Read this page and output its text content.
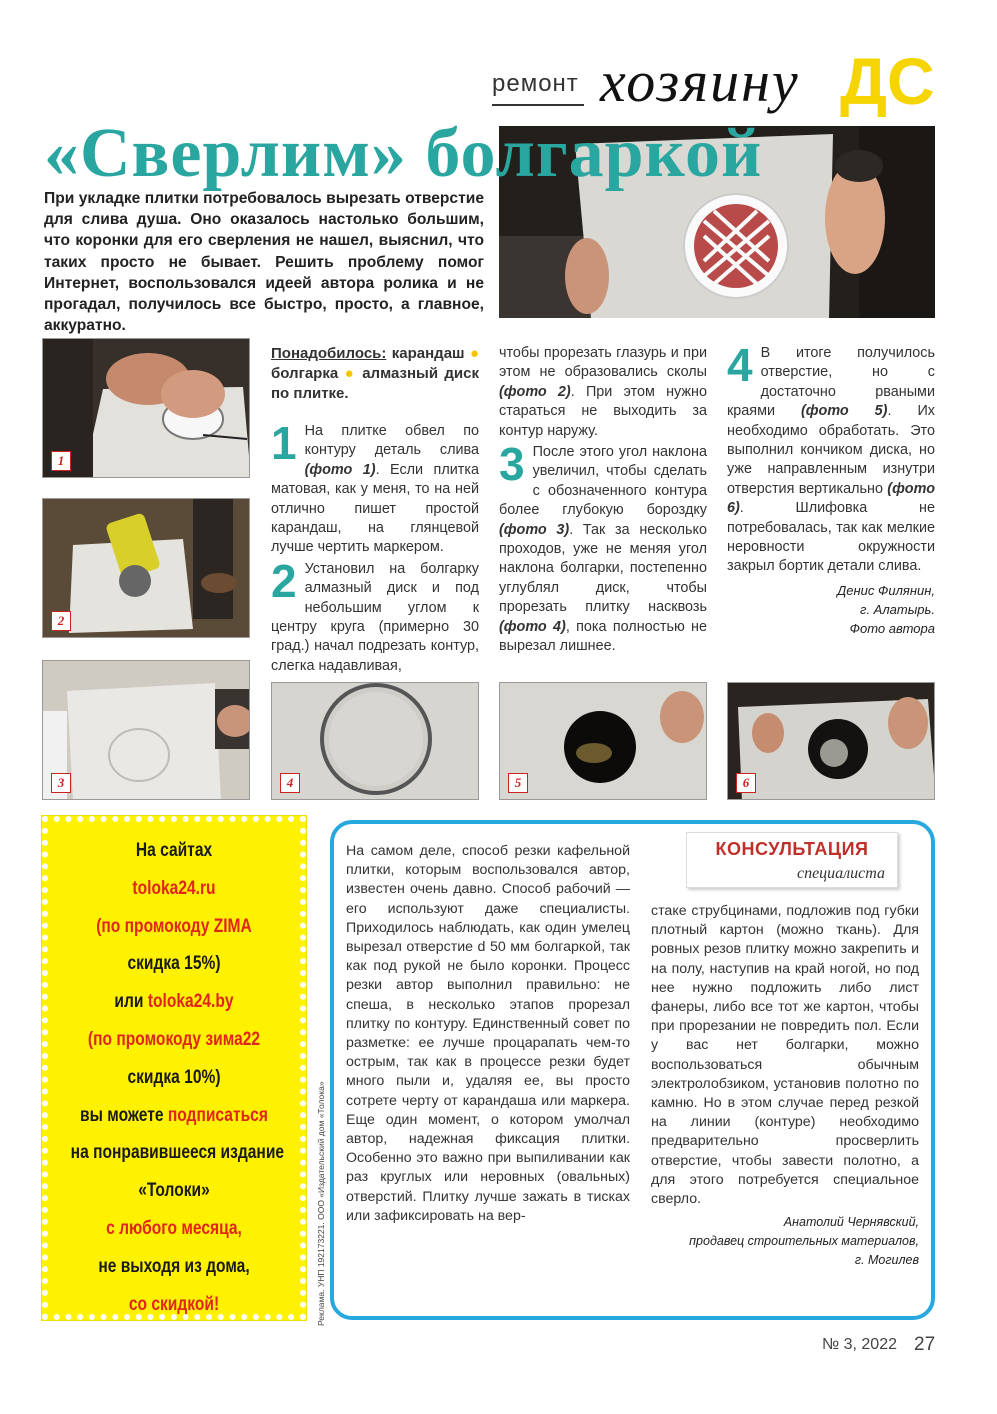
ремонт хозяину ДС
«Сверлим» болгаркой
При укладке плитки потребовалось вырезать отверстие для слива душа. Оно оказалось настолько большим, что коронки для его сверления не нашел, выяснил, что таких просто не бывает. Решить проблему помог Интернет, воспользовался идеей автора ролика и не прогадал, получилось все быстро, просто, а главное, аккуратно.
1
2
3	4	5	6
Понадобилось: карандаш ● болгарка ● алмазный диск по плитке.

1 На плитке обвел по контуру деталь слива (фото 1). Если плитка матовая, как у меня, то на ней отлично пишет простой карандаш, на глянцевой лучше чертить маркером.

2 Установил на болгарку алмазный диск и под небольшим углом к центру круга (примерно 30 град.) начал подрезать контур, слегка надавливая,

чтобы прорезать глазурь и при этом не образовались сколы (фото 2). При этом нужно стараться не выходить за контур наружу.

3 После этого угол наклона увеличил, чтобы сделать с обозначенного контура более глубокую бороздку (фото 3). Так за несколько проходов, уже не меняя угол наклона болгарки, постепенно углублял диск, чтобы прорезать плитку насквозь (фото 4), пока полностью не вырезал лишнее.

4 В итоге получилось отверстие, но с достаточно рваными краями (фото 5). Их необходимо обработать. Это выполнил кончиком диска, но уже направленным изнутри отверстия вертикально (фото 6). Шлифовка не потребовалась, так как мелкие неровности окружности закрыл бортик детали слива.

Денис Филянин,
г. Алатырь.
Фото автора
На сайтах
toloka24.ru
(по промокоду ZIMA
скидка 15%)
или toloka24.by
(по промокоду зима22
скидка 10%)
вы можете подписаться
на понравившееся издание
«Толоки»
с любого месяца,
не выходя из дома,
со скидкой!	Реклама. УНП 192173221. ООО «Издательский дом «Толока»
КОНСУЛЬТАЦИЯ
специалиста
На самом деле, способ резки кафельной плитки, которым воспользовался автор, известен очень давно. Способ рабочий — его используют даже специалисты. Приходилось наблюдать, как один умелец вырезал отверстие d 50 мм болгаркой, так как под рукой не было коронки. Процесс резки автор выполнил правильно: не спеша, в несколько этапов прорезал плитку по контуру. Единственный совет по разметке: ее лучше процарапать чем-то острым, так как в процессе резки будет много пыли и, удаляя ее, вы просто сотрете черту от карандаша или маркера. Еще один момент, о котором умолчал автор, надежная фиксация плитки. Особенно это важно при выпиливании как раз круглых или неровных (овальных) отверстий. Плитку лучше зажать в тисках или зафиксировать на вер-

стаке струбцинами, подложив под губки плотный картон (можно ткань). Для ровных резов плитку можно закрепить и на полу, наступив на край ногой, но под нее нужно подложить либо лист фанеры, либо все тот же картон, чтобы при прорезании не повредить пол. Если у вас нет болгарки, можно воспользоваться обычным электролобзиком, установив полотно по камню. Но в этом случае перед резкой на линии (контуре) необходимо предварительно просверлить отверстие, чтобы завести полотно, а для этого потребуется специальное сверло.

Анатолий Чернявский,
продавец строительных материалов,
г. Могилев
№ 3, 2022 27
